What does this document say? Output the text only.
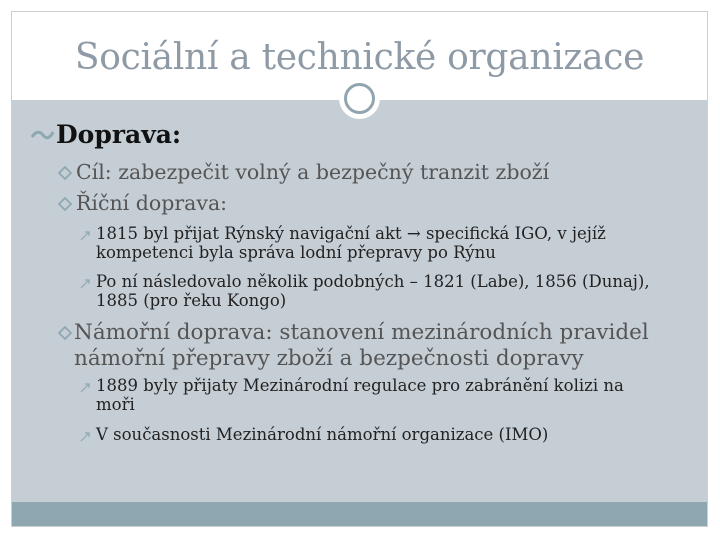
Sociální a technické organizace
Doprava:
Cíl: zabezpečit volný a bezpečný tranzit zboží
Říční doprava:
1815 byl přijat Rýnský navigační akt → specifická IGO, v jejíž
kompetenci byla správa lodní přepravy po Rýnu
Po ní následovalo několik podobných – 1821 (Labe), 1856 (Dunaj),
1885 (pro řeku Kongo)
Námořní doprava: stanovení mezinárodních pravidel
námořní přepravy zboží a bezpečnosti dopravy
1889 byly přijaty Mezinárodní regulace pro zabránění kolizi na
moři
V současnosti Mezinárodní námořní organizace (IMO)
